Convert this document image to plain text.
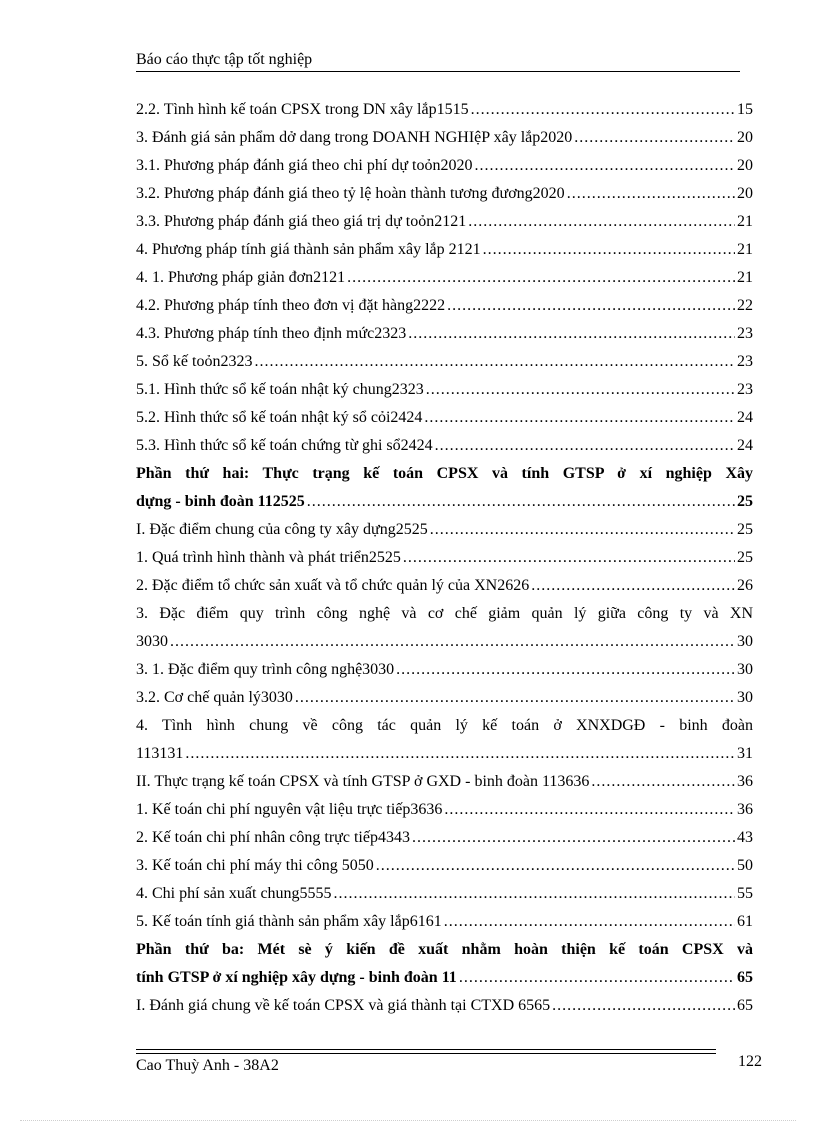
Báo cáo thực tập tốt nghiệp
2.2. Tình hình kế toán CPSX trong DN xây lắp1515 .....	15
3. Đánh giá sản phẩm dở dang trong DOANH NGHIệP xây lắp2020 .....	20
3.1. Phương pháp đánh giá theo chi phí dự toỏn2020 .....	20
3.2. Phương pháp đánh giá theo tỷ lệ hoàn thành tương đương2020 .....	20
3.3. Phương pháp đánh giá theo giá trị dự toỏn2121 .....	21
4. Phương pháp tính giá thành sản phẩm xây lắp 2121 .....	21
4. 1. Phương pháp giản đơn2121 .....	21
4.2. Phương pháp tính theo đơn vị đặt hàng2222 .....	22
4.3. Phương pháp tính theo định mức2323 .....	23
5. Sổ kế toỏn2323 .....	23
5.1. Hình thức sổ kế toán nhật ký chung2323 .....	23
5.2. Hình thức sổ kế toán nhật ký sổ cỏi2424 .....	24
5.3. Hình thức sổ kế toán chứng từ ghi sổ2424 .....	24
Phần thứ hai: Thực trạng kế toán CPSX và tính GTSP ở xí nghiệp Xây
dựng - binh đoàn 112525 .....	25
I. Đặc điểm chung của công ty xây dựng2525 .....	25
1. Quá trình hình thành và phát triển2525 .....	25
2. Đặc điểm tổ chức sản xuất và tổ chức quản lý của XN2626 .....	26
3. Đặc điểm quy trình công nghệ và cơ chế giảm quản lý giữa công ty và XN
3030 .....	30
3. 1. Đặc điểm quy trình công nghệ3030 .....	30
3.2. Cơ chế quản lý3030 .....	30
4. Tình hình chung về công tác quản lý kế toán ở XNXDGĐ - binh đoàn
113131 .....	31
II. Thực trạng kế toán CPSX và tính GTSP ở GXD - binh đoàn 113636 .....	36
1. Kế toán chi phí nguyên vật liệu trực tiếp3636 .....	36
2. Kế toán chi phí nhân công trực tiếp4343 .....	43
3. Kế toán chi phí máy thi công 5050 .....	50
4. Chi phí sản xuất chung5555 .....	55
5. Kế toán tính giá thành sản phẩm xây lắp6161 .....	61
Phần thứ ba: Mét sè ý kiến đề xuất nhằm hoàn thiện kế toán CPSX và
tính GTSP ở xí nghiệp xây dựng - binh đoàn 11 .....	65
I. Đánh giá chung về kế toán CPSX và giá thành tại CTXD 6565 .....	65
Cao Thuỳ Anh - 38A2	122
